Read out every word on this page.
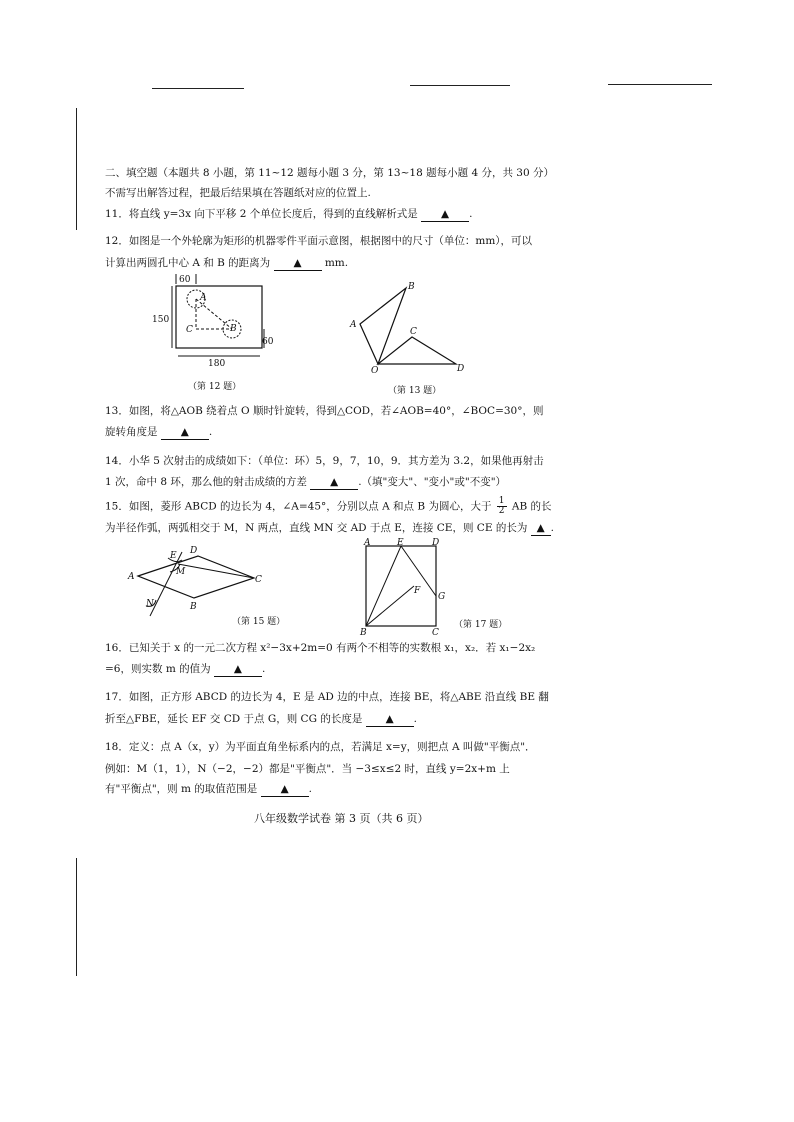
二、填空题（本题共 8 小题，第 11~12 题每小题 3 分，第 13~18 题每小题 4 分，共 30 分）
不需写出解答过程，把最后结果填在答题纸对应的位置上.
11．将直线 y=3x 向下平移 2 个单位长度后，得到的直线解析式是 ▲ .
12．如图是一个外轮廓为矩形的机器零件平面示意图，根据图中的尺寸（单位：mm），可以
计算出两圆孔中心 A 和 B 的距离为 ▲ mm.
60
150
180
60
A
B
C
（第 12 题）
A
B
C
D
O
（第 13 题）
13．如图，将△AOB 绕着点 O 顺时针旋转，得到△COD，若∠AOB=40°，∠BOC=30°，则
旋转角度是 ▲ .
14．小华 5 次射击的成绩如下：（单位：环）5，9，7，10，9．其方差为 3.2，如果他再射击
1 次，命中 8 环，那么他的射击成绩的方差 ▲ .（填"变大"、"变小"或"不变"）
15．如图，菱形 ABCD 的边长为 4，∠A=45°，分别以点 A 和点 B 为圆心，大于 $\frac{1}{2}$ AB 的长
为半径作弧，两弧相交于 M，N 两点，直线 MN 交 AD 于点 E，连接 CE，则 CE 的长为 ▲ .
A
B
C
D
E
M
N
（第 15 题）
A
B	C
D
E
F
G
（第 17 题）
16．已知关于 x 的一元二次方程 x²−3x+2m=0 有两个不相等的实数根 x₁，x₂．若 x₁−2x₂
=6，则实数 m 的值为 ▲ .
17．如图，正方形 ABCD 的边长为 4，E 是 AD 边的中点，连接 BE，将△ABE 沿直线 BE 翻
折至△FBE，延长 EF 交 CD 于点 G，则 CG 的长度是 ▲ .
18．定义：点 A（x，y）为平面直角坐标系内的点，若满足 x=y，则把点 A 叫做"平衡点"．
例如：M（1，1），N（−2，−2）都是"平衡点"．当 −3≤x≤2 时，直线 y=2x+m 上
有"平衡点"，则 m 的取值范围是 ▲ .
八年级数学试卷 第 3 页（共 6 页）
